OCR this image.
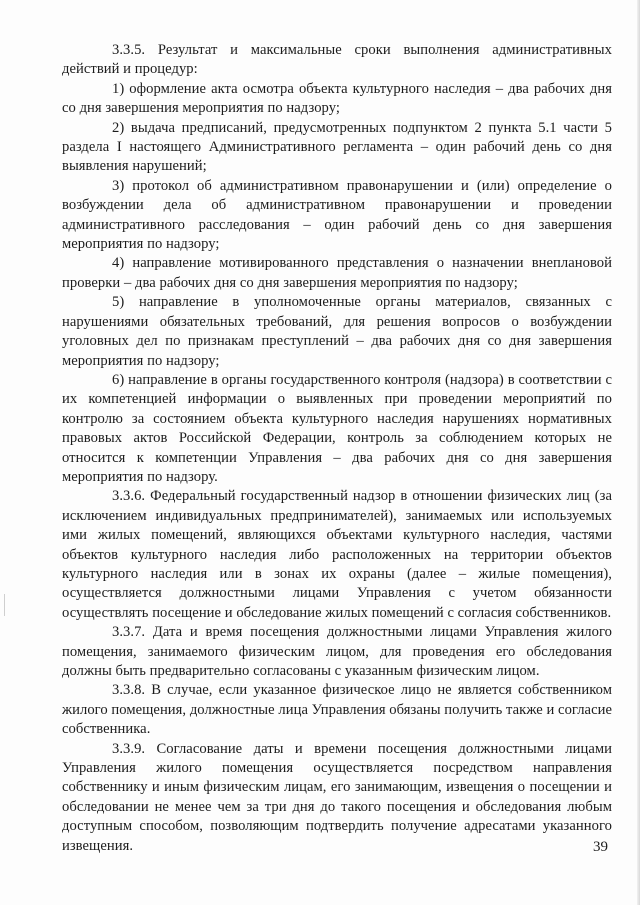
3.3.5. Результат и максимальные сроки выполнения административных действий и процедур:

1) оформление акта осмотра объекта культурного наследия – два рабочих дня со дня завершения мероприятия по надзору;

2) выдача предписаний, предусмотренных подпунктом 2 пункта 5.1 части 5 раздела I настоящего Административного регламента – один рабочий день со дня выявления нарушений;

3) протокол об административном правонарушении и (или) определение о возбуждении дела об административном правонарушении и проведении административного расследования – один рабочий день со дня завершения мероприятия по надзору;

4) направление мотивированного представления о назначении внеплановой проверки – два рабочих дня со дня завершения мероприятия по надзору;

5) направление в уполномоченные органы материалов, связанных с нарушениями обязательных требований, для решения вопросов о возбуждении уголовных дел по признакам преступлений – два рабочих дня со дня завершения мероприятия по надзору;

6) направление в органы государственного контроля (надзора) в соответствии с их компетенцией информации о выявленных при проведении мероприятий по контролю за состоянием объекта культурного наследия нарушениях нормативных правовых актов Российской Федерации, контроль за соблюдением которых не относится к компетенции Управления – два рабочих дня со дня завершения мероприятия по надзору.

3.3.6. Федеральный государственный надзор в отношении физических лиц (за исключением индивидуальных предпринимателей), занимаемых или используемых ими жилых помещений, являющихся объектами культурного наследия, частями объектов культурного наследия либо расположенных на территории объектов культурного наследия или в зонах их охраны (далее – жилые помещения), осуществляется должностными лицами Управления с учетом обязанности осуществлять посещение и обследование жилых помещений с согласия собственников.

3.3.7. Дата и время посещения должностными лицами Управления жилого помещения, занимаемого физическим лицом, для проведения его обследования должны быть предварительно согласованы с указанным физическим лицом.

3.3.8. В случае, если указанное физическое лицо не является собственником жилого помещения, должностные лица Управления обязаны получить также и согласие собственника.

3.3.9. Согласование даты и времени посещения должностными лицами Управления жилого помещения осуществляется посредством направления собственнику и иным физическим лицам, его занимающим, извещения о посещении и обследовании не менее чем за три дня до такого посещения и обследования любым доступным способом, позволяющим подтвердить получение адресатами указанного извещения.	39
